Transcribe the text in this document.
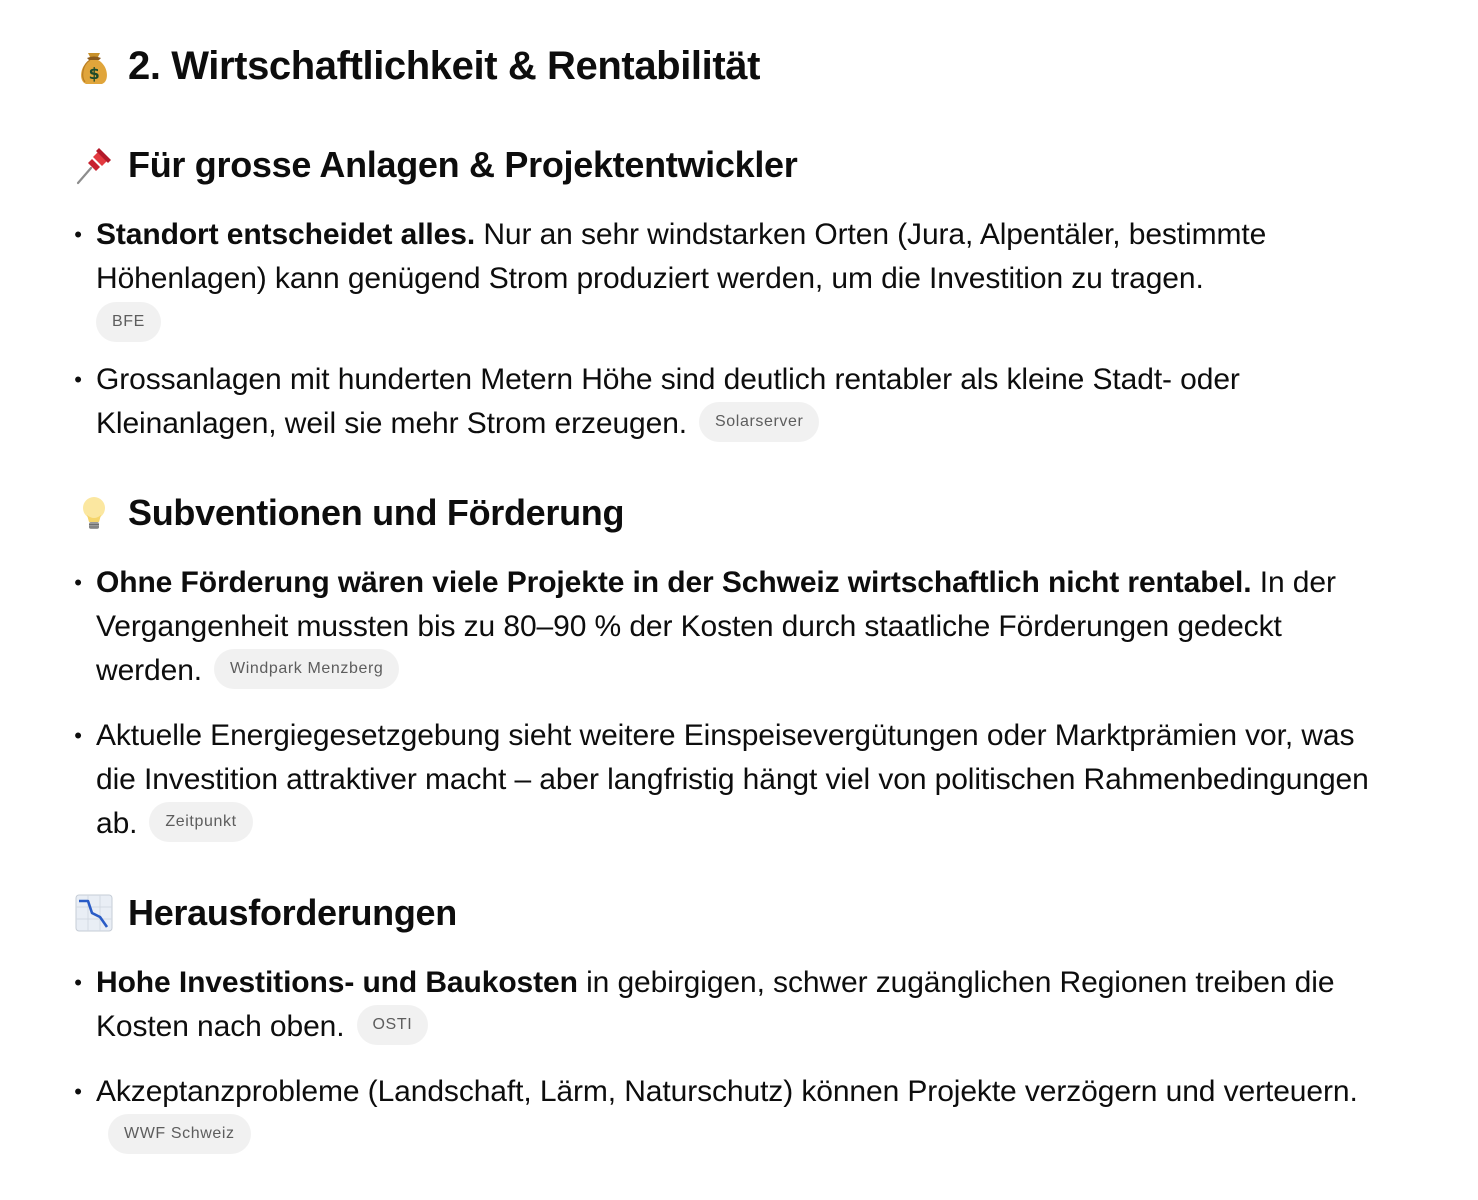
$ 2. Wirtschaftlichkeit & Rentabilität
Für grosse Anlagen & Projektentwickler
• Standort entscheidet alles. Nur an sehr windstarken Orten (Jura, Alpentäler, bestimmte Höhenlagen) kann genügend Strom produziert werden, um die Investition zu tragen.
BFE
• Grossanlagen mit hunderten Metern Höhe sind deutlich rentabler als kleine Stadt- oder Kleinanlagen, weil sie mehr Strom erzeugen. Solarserver
Subventionen und Förderung
• Ohne Förderung wären viele Projekte in der Schweiz wirtschaftlich nicht rentabel. In der Vergangenheit mussten bis zu 80–90 % der Kosten durch staatliche Förderungen gedeckt werden. Windpark Menzberg
• Aktuelle Energiegesetzgebung sieht weitere Einspeisevergütungen oder Marktprämien vor, was die Investition attraktiver macht – aber langfristig hängt viel von politischen Rahmenbedingungen ab. Zeitpunkt
Herausforderungen
• Hohe Investitions- und Baukosten in gebirgigen, schwer zugänglichen Regionen treiben die Kosten nach oben. OSTI
• Akzeptanzprobleme (Landschaft, Lärm, Naturschutz) können Projekte verzögern und verteuern.WWF Schweiz
